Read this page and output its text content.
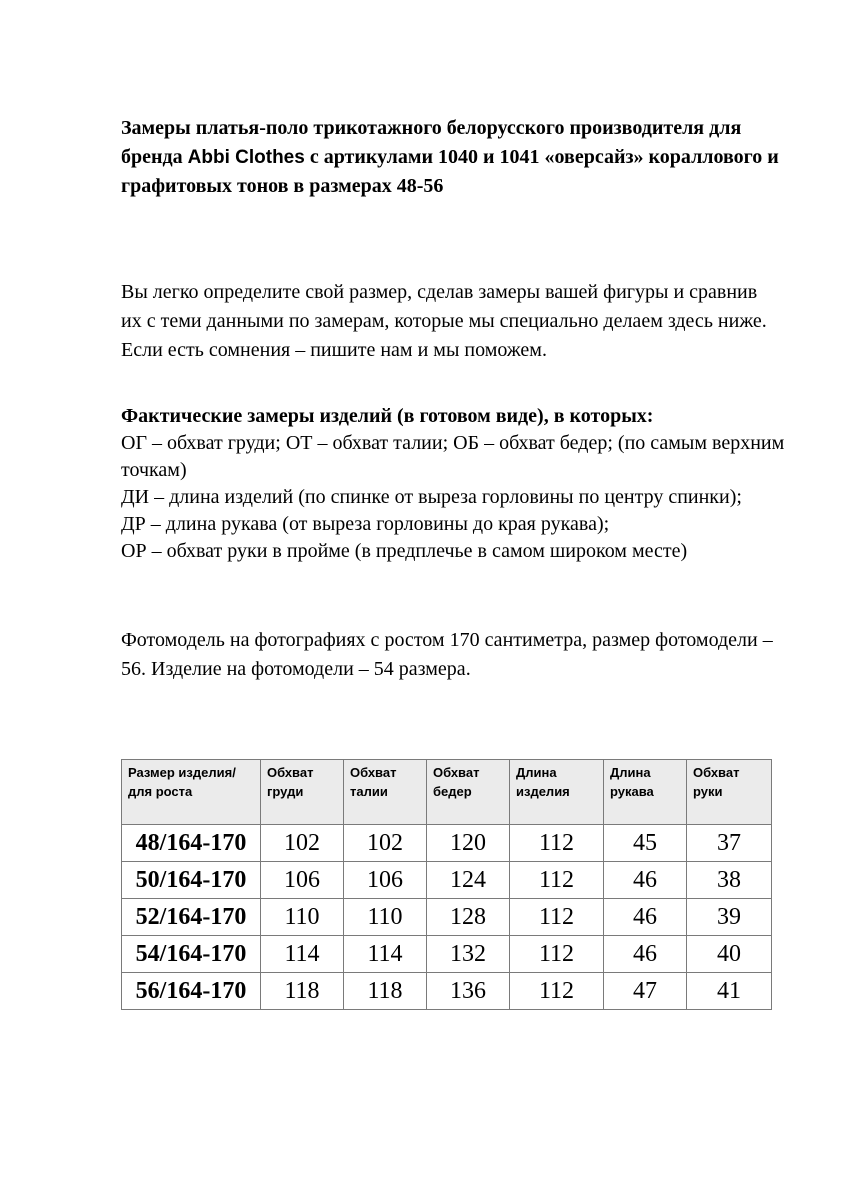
Замеры платья-поло трикотажного белорусского производителя для бренда Abbi Clothes с артикулами 1040 и 1041 «оверсайз» кораллового и графитовых тонов в размерах 48-56

Вы легко определите свой размер, сделав замеры вашей фигуры и сравнив их с теми данными по замерам, которые мы специально делаем здесь ниже. Если есть сомнения – пишите нам и мы поможем.

Фактические замеры изделий (в готовом виде), в которых:

ОГ – обхват груди; ОТ – обхват талии; ОБ – обхват бедер; (по самым верхним точкам)

ДИ – длина изделий (по спинке от выреза горловины по центру спинки);

ДР – длина рукава (от выреза горловины до края рукава);

ОР – обхват руки в пройме (в предплечье в самом широком месте)

Фотомодель на фотографиях с ростом 170 сантиметра, размер фотомодели – 56. Изделие на фотомодели – 54 размера.

Размер изделия/для роста	Обхват груди	Обхват талии	Обхват бедер	Длина изделия	Длина рукава	Обхват руки
48/164-170	102	102	120	112	45	37
50/164-170	106	106	124	112	46	38
52/164-170	110	110	128	112	46	39
54/164-170	114	114	132	112	46	40
56/164-170	118	118	136	112	47	41
